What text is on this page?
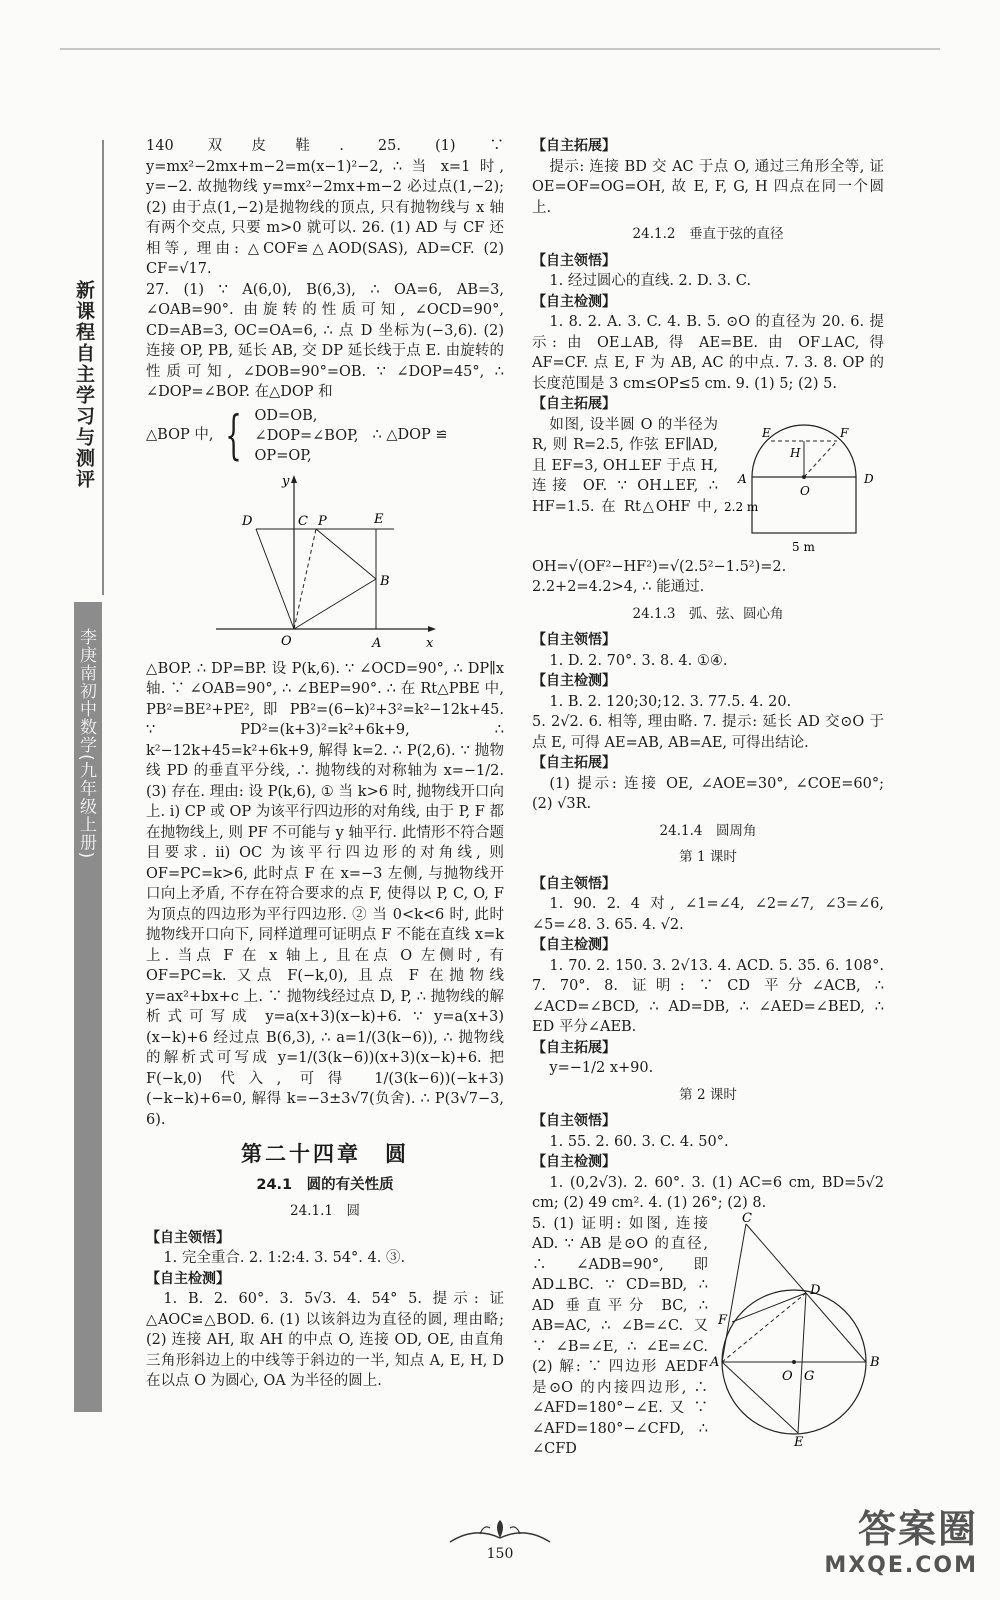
新课程自主学习与测评
李庚南初中数学(九年级上册)

140 双皮鞋. 25. (1) ∵ y=mx²−2mx+m−2=m(x−1)²−2, ∴ 当 x=1 时, y=−2. 故抛物线 y=mx²−2mx+m−2 必过点(1,−2); (2) 由于点(1,−2)是抛物线的顶点, 只有抛物线与 x 轴有两个交点, 只要 m>0 就可以. 26. (1) AD 与 CF 还相等, 理由: △COF≌△AOD(SAS), AD=CF. (2) CF=√17.

27. (1) ∵ A(6,0), B(6,3), ∴ OA=6, AB=3, ∠OAB=90°. 由旋转的性质可知, ∠OCD=90°, CD=AB=3, OC=OA=6, ∴ 点 D 坐标为(−3,6). (2) 连接 OP, PB, 延长 AB, 交 DP 延长线于点 E. 由旋转的性质可知, ∠DOB=90°=OB. ∵ ∠DOP=45°, ∴ ∠DOP=∠BOP. 在△DOP 和

△BOP 中, { OD=OB,
∠DOP=∠BOP,
OP=OP,
∴ △DOP ≌
y
x
D	C P	E
B
O	A

△BOP. ∴ DP=BP. 设 P(k,6). ∵ ∠OCD=90°, ∴ DP∥x 轴. ∵ ∠OAB=90°, ∴ ∠BEP=90°. ∴ 在 Rt△PBE 中, PB²=BE²+PE², 即 PB²=(6−k)²+3²=k²−12k+45. ∵ PD²=(k+3)²=k²+6k+9, ∴ k²−12k+45=k²+6k+9, 解得 k=2. ∴ P(2,6). ∵ 抛物线 PD 的垂直平分线, ∴ 抛物线的对称轴为 x=−1/2. (3) 存在. 理由: 设 P(k,6), ① 当 k>6 时, 抛物线开口向上. i) CP 或 OP 为该平行四边形的对角线, 由于 P, F 都在抛物线上, 则 PF 不可能与 y 轴平行. 此情形不符合题目要求. ii) OC 为该平行四边形的对角线, 则 OF=PC=k>6, 此时点 F 在 x=−3 左侧, 与抛物线开口向上矛盾, 不存在符合要求的点 F, 使得以 P, C, O, F 为顶点的四边形为平行四边形. ② 当 0<k<6 时, 此时抛物线开口向下, 同样道理可证明点 F 不能在直线 x=k 上. 当点 F 在 x 轴上, 且在点 O 左侧时, 有 OF=PC=k. 又点 F(−k,0), 且点 F 在抛物线 y=ax²+bx+c 上. ∵ 抛物线经过点 D, P, ∴ 抛物线的解析式可写成 y=a(x+3)(x−k)+6. ∵ y=a(x+3)(x−k)+6 经过点 B(6,3), ∴ a=1/(3(k−6)), ∴ 抛物线的解析式可写成 y=1/(3(k−6))(x+3)(x−k)+6. 把 F(−k,0) 代入, 可得 1/(3(k−6))(−k+3)(−k−k)+6=0, 解得 k=−3±3√7(负舍). ∴ P(3√7−3, 6).

第二十四章　圆
24.1　圆的有关性质
24.1.1　圆

【自主领悟】

1. 完全重合. 2. 1:2:4. 3. 54°. 4. ③.

【自主检测】

1. B. 2. 60°. 3. 5√3. 4. 54° 5. 提示: 证△AOC≌△BOD. 6. (1) 以该斜边为直径的圆, 理由略; (2) 连接 AH, 取 AH 的中点 O, 连接 OD, OE, 由直角三角形斜边上的中线等于斜边的一半, 知点 A, E, H, D 在以点 O 为圆心, OA 为半径的圆上.

【自主拓展】

提示: 连接 BD 交 AC 于点 O, 通过三角形全等, 证 OE=OF=OG=OH, 故 E, F, G, H 四点在同一个圆上.

24.1.2　垂直于弦的直径

【自主领悟】

1. 经过圆心的直线. 2. D. 3. C.

【自主检测】

1. 8. 2. A. 3. C. 4. B. 5. ⊙O 的直径为 20. 6. 提示: 由 OE⊥AB, 得 AE=BE. 由 OF⊥AC, 得 AF=CF. 点 E, F 为 AB, AC 的中点. 7. 3. 8. OP 的长度范围是 3 cm≤OP≤5 cm. 9. (1) 5; (2) 5.

【自主拓展】

E	F
H
A
O
D
2.2 m
5 m

如图, 设半圆 O 的半径为 R, 则 R=2.5, 作弦 EF∥AD, 且 EF=3, OH⊥EF 于点 H, 连接 OF. ∵ OH⊥EF, ∴ HF=1.5. 在 Rt△OHF 中, OH=√(OF²−HF²)=√(2.5²−1.5²)=2. 2.2+2=4.2>4, ∴ 能通过.

24.1.3　弧、弦、圆心角

【自主领悟】

1. D. 2. 70°. 3. 8. 4. ①④.

【自主检测】

1. B. 2. 120;30;12. 3. 77.5. 4. 20.

5. 2√2. 6. 相等, 理由略. 7. 提示: 延长 AD 交⊙O 于点 E, 可得 AE=AB, AB=AE, 可得出结论.

【自主拓展】

(1) 提示: 连接 OE, ∠AOE=30°, ∠COE=60°; (2) √3R.

24.1.4　圆周角
第 1 课时

【自主领悟】

1. 90. 2. 4 对, ∠1=∠4, ∠2=∠7, ∠3=∠6, ∠5=∠8. 3. 65. 4. √2.

【自主检测】

1. 70. 2. 150. 3. 2√13. 4. ACD. 5. 35. 6. 108°. 7. 70°. 8. 证明: ∵ CD 平分∠ACB, ∴ ∠ACD=∠BCD, ∴ AD=DB, ∴ ∠AED=∠BED, ∴ ED 平分∠AEB.

【自主拓展】

y=−1/2 x+90.

第 2 课时

【自主领悟】

1. 55. 2. 60. 3. C. 4. 50°.

【自主检测】

1. (0,2√3). 2. 60°. 3. (1) AC=6 cm, BD=5√2 cm; (2) 49 cm². 4. (1) 26°; (2) 8.

C
D
F
A
O G
B
E

5. (1) 证明: 如图, 连接 AD. ∵ AB 是⊙O 的直径, ∴ ∠ADB=90°, 即 AD⊥BC. ∵ CD=BD, ∴ AD 垂直平分 BC, ∴ AB=AC, ∴ ∠B=∠C. 又 ∵ ∠B=∠E, ∴ ∠E=∠C. (2) 解: ∵ 四边形 AEDF 是⊙O 的内接四边形, ∴ ∠AFD=180°−∠E. 又 ∵ ∠AFD=180°−∠CFD, ∴ ∠CFD

150
答案圈
MXQE.COM
